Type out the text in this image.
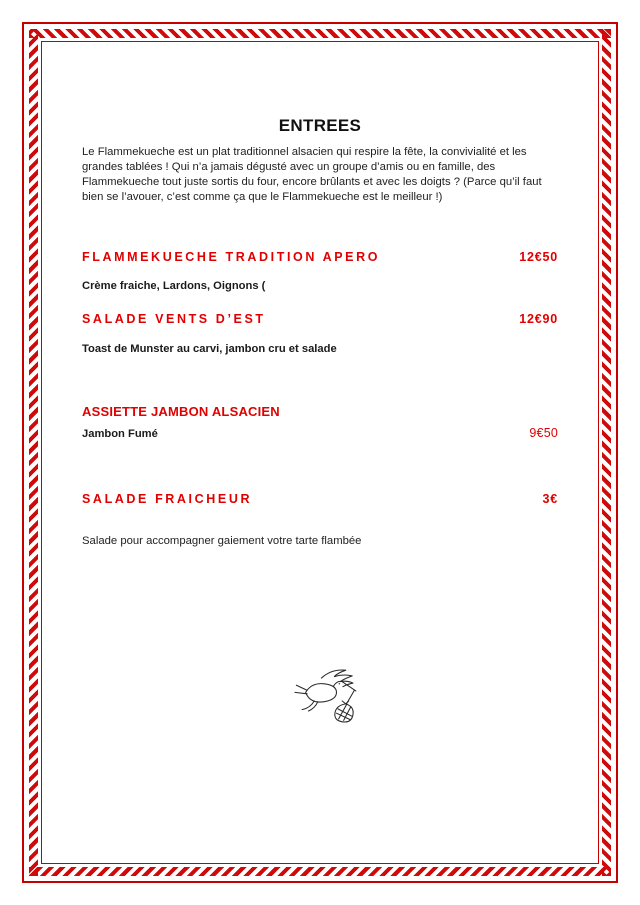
ENTREES

Le Flammekueche est un plat traditionnel alsacien qui respire la fête, la convivialité et les grandes tablées ! Qui n’a jamais dégusté avec un groupe d’amis ou en famille, des Flammekueche tout juste sortis du four, encore brûlants et avec les doigts ? (Parce qu’il faut bien se l’avouer, c’est comme ça que le Flammekueche est le meilleur !)

FLAMMEKUECHE TRADITION APERO	12€50

Crème fraiche, Lardons, Oignons (

SALADE VENTS D’EST	12€90

Toast de Munster au carvi, jambon cru et salade

ASSIETTE JAMBON ALSACIEN
Jambon Fumé	9€50
SALADE FRAICHEUR	3€

Salade pour accompagner gaiement votre tarte flambée
